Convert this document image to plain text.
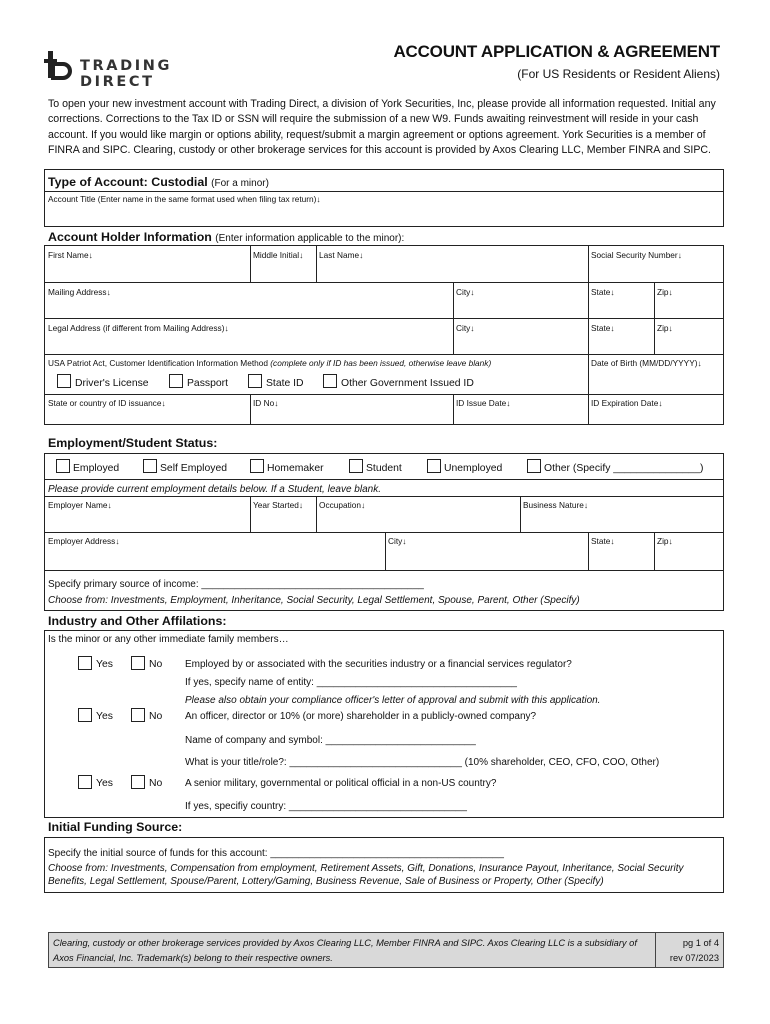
TRADING DIRECT
ACCOUNT APPLICATION & AGREEMENT
(For US Residents or Resident Aliens)
To open your new investment account with Trading Direct, a division of York Securities, Inc, please provide all information requested. Initial any corrections. Corrections to the Tax ID or SSN will require the submission of a new W9. Funds awaiting reinvestment will reside in your cash account. If you would like margin or options ability, request/submit a margin agreement or options agreement. York Securities is a member of FINRA and SIPC. Clearing, custody or other brokerage services for this account is provided by Axos Clearing LLC, Member FINRA and SIPC.
Type of Account: Custodial (For a minor)
Account Title (Enter name in the same format used when filing tax return)↓
Account Holder Information (Enter information applicable to the minor):
First Name↓	Middle Initial↓ Last Name↓	Social Security Number↓
Mailing Address↓	City↓	State↓	Zip↓
Legal Address (if different from Mailing Address)↓	City↓	State↓	Zip↓
USA Patriot Act, Customer Identification Information Method (complete only if ID has been issued, otherwise leave blank)	Date of Birth (MM/DD/YYYY)↓
Driver's License	Passport	State ID	Other Government Issued ID
State or country of ID issuance↓	ID No↓	ID Issue Date↓	ID Expiration Date↓
Employment/Student Status:
Employed	Self Employed	Homemaker	Student	Unemployed	Other (Specify _______________)
Please provide current employment details below. If a Student, leave blank.
Employer Name↓	Year Started↓ Occupation↓	Business Nature↓
Employer Address↓	City↓	State↓	Zip↓
Specify primary source of income: ________________________________________
Choose from: Investments, Employment, Inheritance, Social Security, Legal Settlement, Spouse, Parent, Other (Specify)
Industry and Other Affilations:
Is the minor or any other immediate family members…
Yes	No Employed by or associated with the securities industry or a financial services regulator?
If yes, specify name of entity: ____________________________________
Please also obtain your compliance officer's letter of approval and submit with this application.
Yes	No An officer, director or 10% (or more) shareholder in a publicly-owned company?
Name of company and symbol: ___________________________
What is your title/role?: _______________________________ (10% shareholder, CEO, CFO, COO, Other)
Yes	No A senior military, governmental or political official in a non-US country?
If yes, specifiy country: ________________________________
Initial Funding Source:
Specify the initial source of funds for this account: __________________________________________
Choose from: Investments, Compensation from employment, Retirement Assets, Gift, Donations, Insurance Payout, Inheritance, Social Security Benefits, Legal Settlement, Spouse/Parent, Lottery/Gaming, Business Revenue, Sale of Business or Property, Other (Specify)
Clearing, custody or other brokerage services provided by Axos Clearing LLC, Member FINRA and SIPC. Axos Clearing LLC is a subsidiary of Axos Financial, Inc. Trademark(s) belong to their respective owners.
pg 1 of 4
rev 07/2023
